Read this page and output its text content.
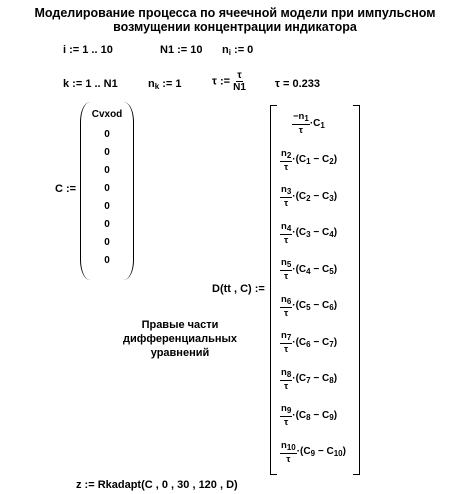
Моделирование процесса по ячеечной модели при импульсном
возмущении концентрации индикатора
i := 1 .. 10	N1 := 10 $n_i$ := 0
k := 1 .. N1	$n_k$ := 1	τ := $\frac{\tau}{N1}$	τ = 0.233
C :=
Cvxod
0
0
0
0
0
0
0
0
Правые части
дифференциальных
уравнений
D(tt , C) :=
$\frac{-n_1}{\tau} \cdot C_1$
$\frac{n_2}{\tau} \cdot(C_1 - C_2)$
$\frac{n_3}{\tau} \cdot(C_2 - C_3)$
$\frac{n_4}{\tau} \cdot(C_3 - C_4)$
$\frac{n_5}{\tau} \cdot(C_4 - C_5)$
$\frac{n_6}{\tau} \cdot(C_5 - C_6)$
$\frac{n_7}{\tau} \cdot(C_6 - C_7)$
$\frac{n_8}{\tau} \cdot(C_7 - C_8)$
$\frac{n_9}{\tau} \cdot(C_8 - C_9)$
$\frac{n_{10}}{\tau} \cdot(C_9 - C_{10})$
z := Rkadapt(C , 0 , 30 , 120 , D)
